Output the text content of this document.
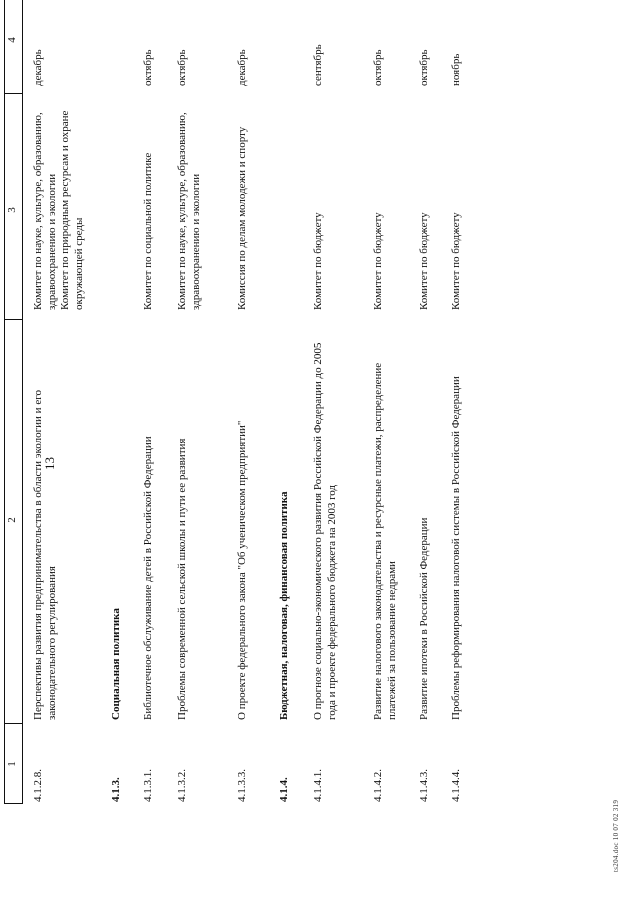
13
1
2
3
4
4.1.2.8.
Перспективы развития предпринимательства в области экологии и его законодательного регулирования
Комитет по науке, культуре, образованию, здравоохранению и экологии
Комитет по природным ресурсам и охране окружающей среды
декабрь
4.1.3.
Социальная политика
4.1.3.1.
Библиотечное обслуживание детей в Российской Федерации
Комитет по социальной политике
октябрь
4.1.3.2.
Проблемы современной сельской школы и пути ее развития
Комитет по науке, культуре, образованию, здравоохранению и экологии
октябрь
4.1.3.3.
О проекте федерального закона "Об ученическом предприятии"
Комиссия по делам молодежи и спорту
декабрь
4.1.4.
Бюджетная, налоговая, финансовая политика
4.1.4.1.
О прогнозе социально-экономического развития Российской Федерации до 2005 года и проекте федерального бюджета на 2003 год
Комитет по бюджету
сентябрь
4.1.4.2.
Развитие налогового законодательства и ресурсные платежи, распределение платежей за пользование недрами
Комитет по бюджету
октябрь
4.1.4.3.
Развитие ипотеки в Российской Федерации
Комитет по бюджету
октябрь
4.1.4.4.
Проблемы реформирования налоговой системы в Российской Федерации
Комитет по бюджету
ноябрь
ts204.doc 10 07 02 319
